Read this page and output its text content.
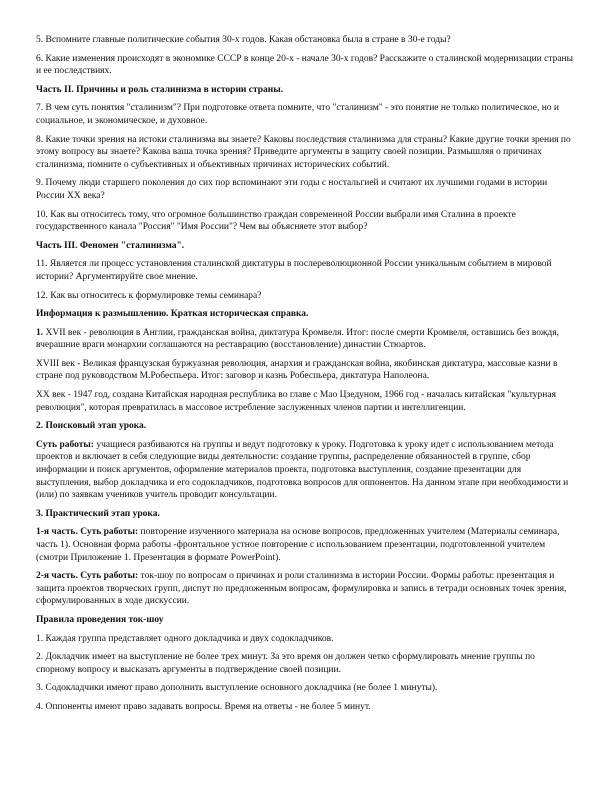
5. Вспомните главные политические события 30-х годов. Какая обстановка была в стране в 30-е годы?

6. Какие изменения происходят в экономике СССР в конце 20-х - начале 30-х годов? Расскажите о сталинской модернизации страны и ее последствиях.

Часть II. Причины и роль сталинизма в истории страны.

7. В чем суть понятия "сталинизм"? При подготовке ответа помните, что "сталинизм" - это понятие не только политическое, но и социальное, и экономическое, и духовное.

8. Какие точки зрения на истоки сталинизма вы знаете? Каковы последствия сталинизма для страны? Какие другие точки зрения по этому вопросу вы знаете? Какова ваша точка зрения? Приведите аргументы в защиту своей позиции. Размышляя о причинах сталинизма, помните о субъективных и объективных причинах исторических событий.

9. Почему люди старшего поколения до сих пор вспоминают эти годы с ностальгией и считают их лучшими годами в истории России ХХ века?

10. Как вы относитесь тому, что огромное большинство граждан современной России выбрали имя Сталина в проекте государственного канала "Россия" "Имя России"? Чем вы объясняете этот выбор?

Часть III. Феномен "сталинизма".

11. Является ли процесс установления сталинской диктатуры в послереволюционной России уникальным событием в мировой истории? Аргументируйте свое мнение.

12. Как вы относитесь к формулировке темы семинара?

Информация к размышлению. Краткая историческая справка.

1. XVII век - революция в Англии, гражданская война, диктатура Кромвеля. Итог: после смерти Кромвеля, оставшись без вождя, вчерашние враги монархии соглашаются на реставрацию (восстановление) династии Стюартов.

XVIII век - Великая французская буржуазная революция, анархия и гражданская война, якобинская диктатура, массовые казни в стране под руководством М.Робеспьера. Итог: заговор и казнь Робеспьера, диктатура Наполеона.

XX век - 1947 год, создана Китайская народная республика во главе с Мао Цзедуном, 1966 год - началась китайская "культурная революция", которая превратилась в массовое истребление заслуженных членов партии и интеллигенции.

2. Поисковый этап урока.

Суть работы: учащиеся разбиваются на группы и ведут подготовку к уроку. Подготовка к уроку идет с использованием метода проектов и включает в себя следующие виды деятельности: создание группы, распределение обязанностей в группе, сбор информации и поиск аргументов, оформление материалов проекта, подготовка выступления, создание презентации для выступления, выбор докладчика и его содокладчиков, подготовка вопросов для оппонентов. На данном этапе при необходимости и (или) по заявкам учеников учитель проводит консультации.

3. Практический этап урока.

1-я часть. Суть работы: повторение изученного материала на основе вопросов, предложенных учителем (Материалы семинара, часть 1). Основная форма работы -фронтальное устное повторение с использованием презентации, подготовленной учителем (смотри Приложение 1. Презентация в формате PowerPoint).

2-я часть. Суть работы: ток-шоу по вопросам о причинах и роли сталинизма в истории России. Формы работы: презентация и защита проектов творческих групп, диспут по предложенным вопросам, формулировка и запись в тетради основных точек зрения, сформулированных в ходе дискуссии.

Правила проведения ток-шоу

1. Каждая группа представляет одного докладчика и двух содокладчиков.

2. Докладчик имеет на выступление не более трех минут. За это время он должен четко сформулировать мнение группы по спорному вопросу и высказать аргументы в подтверждение своей позиции.

3. Содокладчики имеют право дополнить выступление основного докладчика (не более 1 минуты).

4. Оппоненты имеют право задавать вопросы. Время на ответы - не более 5 минут.
